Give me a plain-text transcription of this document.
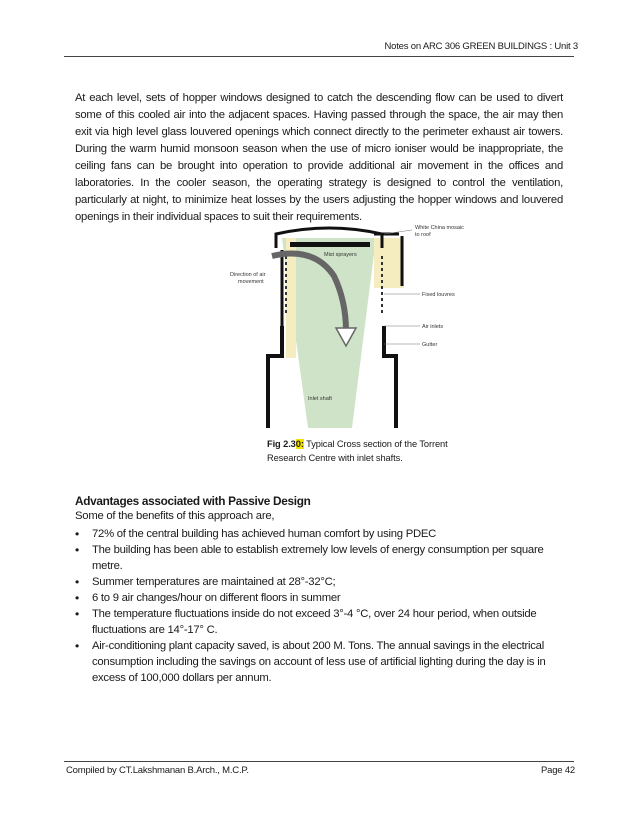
Notes on ARC 306 GREEN BUILDINGS : Unit 3

At each level, sets of hopper windows designed to catch the descending flow can be used to divert some of this cooled air into the adjacent spaces. Having passed through the space, the air may then exit via high level glass louvered openings which connect directly to the perimeter exhaust air towers. During the warm humid monsoon season when the use of micro ioniser would be inappropriate, the ceiling fans can be brought into operation to provide additional air movement in the offices and laboratories. In the cooler season, the operating strategy is designed to control the ventilation, particularly at night, to minimize heat losses by the users adjusting the hopper windows and louvered openings in their individual spaces to suit their requirements.

White China mosaic
to roof
Mist sprayers
Direction of air
movement
Fixed louvres
Air inlets
Gutter
Inlet shaft
Fig 2.30: Typical Cross section of the Torrent Research Centre with inlet shafts.
Advantages associated with Passive Design
Some of the benefits of this approach are,
• 72% of the central building has achieved human comfort by using PDEC
• The building has been able to establish extremely low levels of energy consumption per square metre.
• Summer temperatures are maintained at 28°-32°C;
• 6 to 9 air changes/hour on different floors in summer
• The temperature fluctuations inside do not exceed 3°-4 °C, over 24 hour period, when outside fluctuations are 14°-17° C.
• Air-conditioning plant capacity saved, is about 200 M. Tons. The annual savings in the electrical consumption including the savings on account of less use of artificial lighting during the day is in excess of 100,000 dollars per annum.
Compiled by CT.Lakshmanan B.Arch., M.C.P.	Page 42
